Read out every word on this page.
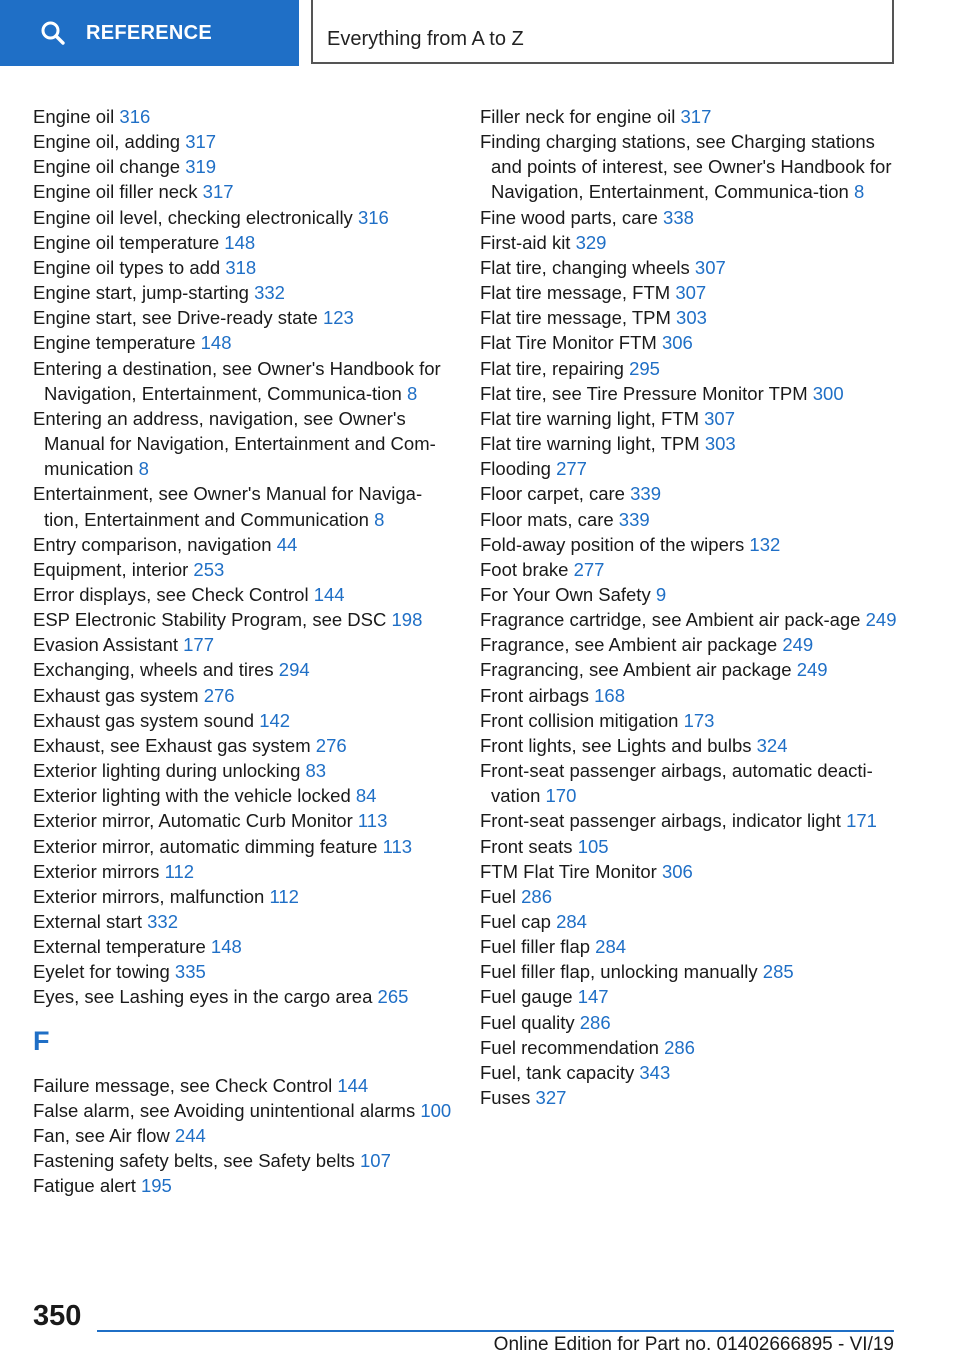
REFERENCE	Everything from A to Z
Engine oil 316
Engine oil, adding 317
Engine oil change 319
Engine oil filler neck 317
Engine oil level, checking electronically 316
Engine oil temperature 148
Engine oil types to add 318
Engine start, jump-starting 332
Engine start, see Drive-ready state 123
Engine temperature 148
Entering a destination, see Owner's Handbook for Navigation, Entertainment, Communica-tion 8
Entering an address, navigation, see Owner's Manual for Navigation, Entertainment and Com-munication 8
Entertainment, see Owner's Manual for Naviga-tion, Entertainment and Communication 8
Entry comparison, navigation 44
Equipment, interior 253
Error displays, see Check Control 144
ESP Electronic Stability Program, see DSC 198
Evasion Assistant 177
Exchanging, wheels and tires 294
Exhaust gas system 276
Exhaust gas system sound 142
Exhaust, see Exhaust gas system 276
Exterior lighting during unlocking 83
Exterior lighting with the vehicle locked 84
Exterior mirror, Automatic Curb Monitor 113
Exterior mirror, automatic dimming feature 113
Exterior mirrors 112
Exterior mirrors, malfunction 112
External start 332
External temperature 148
Eyelet for towing 335
Eyes, see Lashing eyes in the cargo area 265
F
Failure message, see Check Control 144
False alarm, see Avoiding unintentional alarms 100
Fan, see Air flow 244
Fastening safety belts, see Safety belts 107
Fatigue alert 195
Filler neck for engine oil 317
Finding charging stations, see Charging stations and points of interest, see Owner's Handbook for Navigation, Entertainment, Communica-tion 8
Fine wood parts, care 338
First-aid kit 329
Flat tire, changing wheels 307
Flat tire message, FTM 307
Flat tire message, TPM 303
Flat Tire Monitor FTM 306
Flat tire, repairing 295
Flat tire, see Tire Pressure Monitor TPM 300
Flat tire warning light, FTM 307
Flat tire warning light, TPM 303
Flooding 277
Floor carpet, care 339
Floor mats, care 339
Fold-away position of the wipers 132
Foot brake 277
For Your Own Safety 9
Fragrance cartridge, see Ambient air pack-age 249
Fragrance, see Ambient air package 249
Fragrancing, see Ambient air package 249
Front airbags 168
Front collision mitigation 173
Front lights, see Lights and bulbs 324
Front-seat passenger airbags, automatic deacti-vation 170
Front-seat passenger airbags, indicator light 171
Front seats 105
FTM Flat Tire Monitor 306
Fuel 286
Fuel cap 284
Fuel filler flap 284
Fuel filler flap, unlocking manually 285
Fuel gauge 147
Fuel quality 286
Fuel recommendation 286
Fuel, tank capacity 343
Fuses 327
350
Online Edition for Part no. 01402666895 - VI/19
